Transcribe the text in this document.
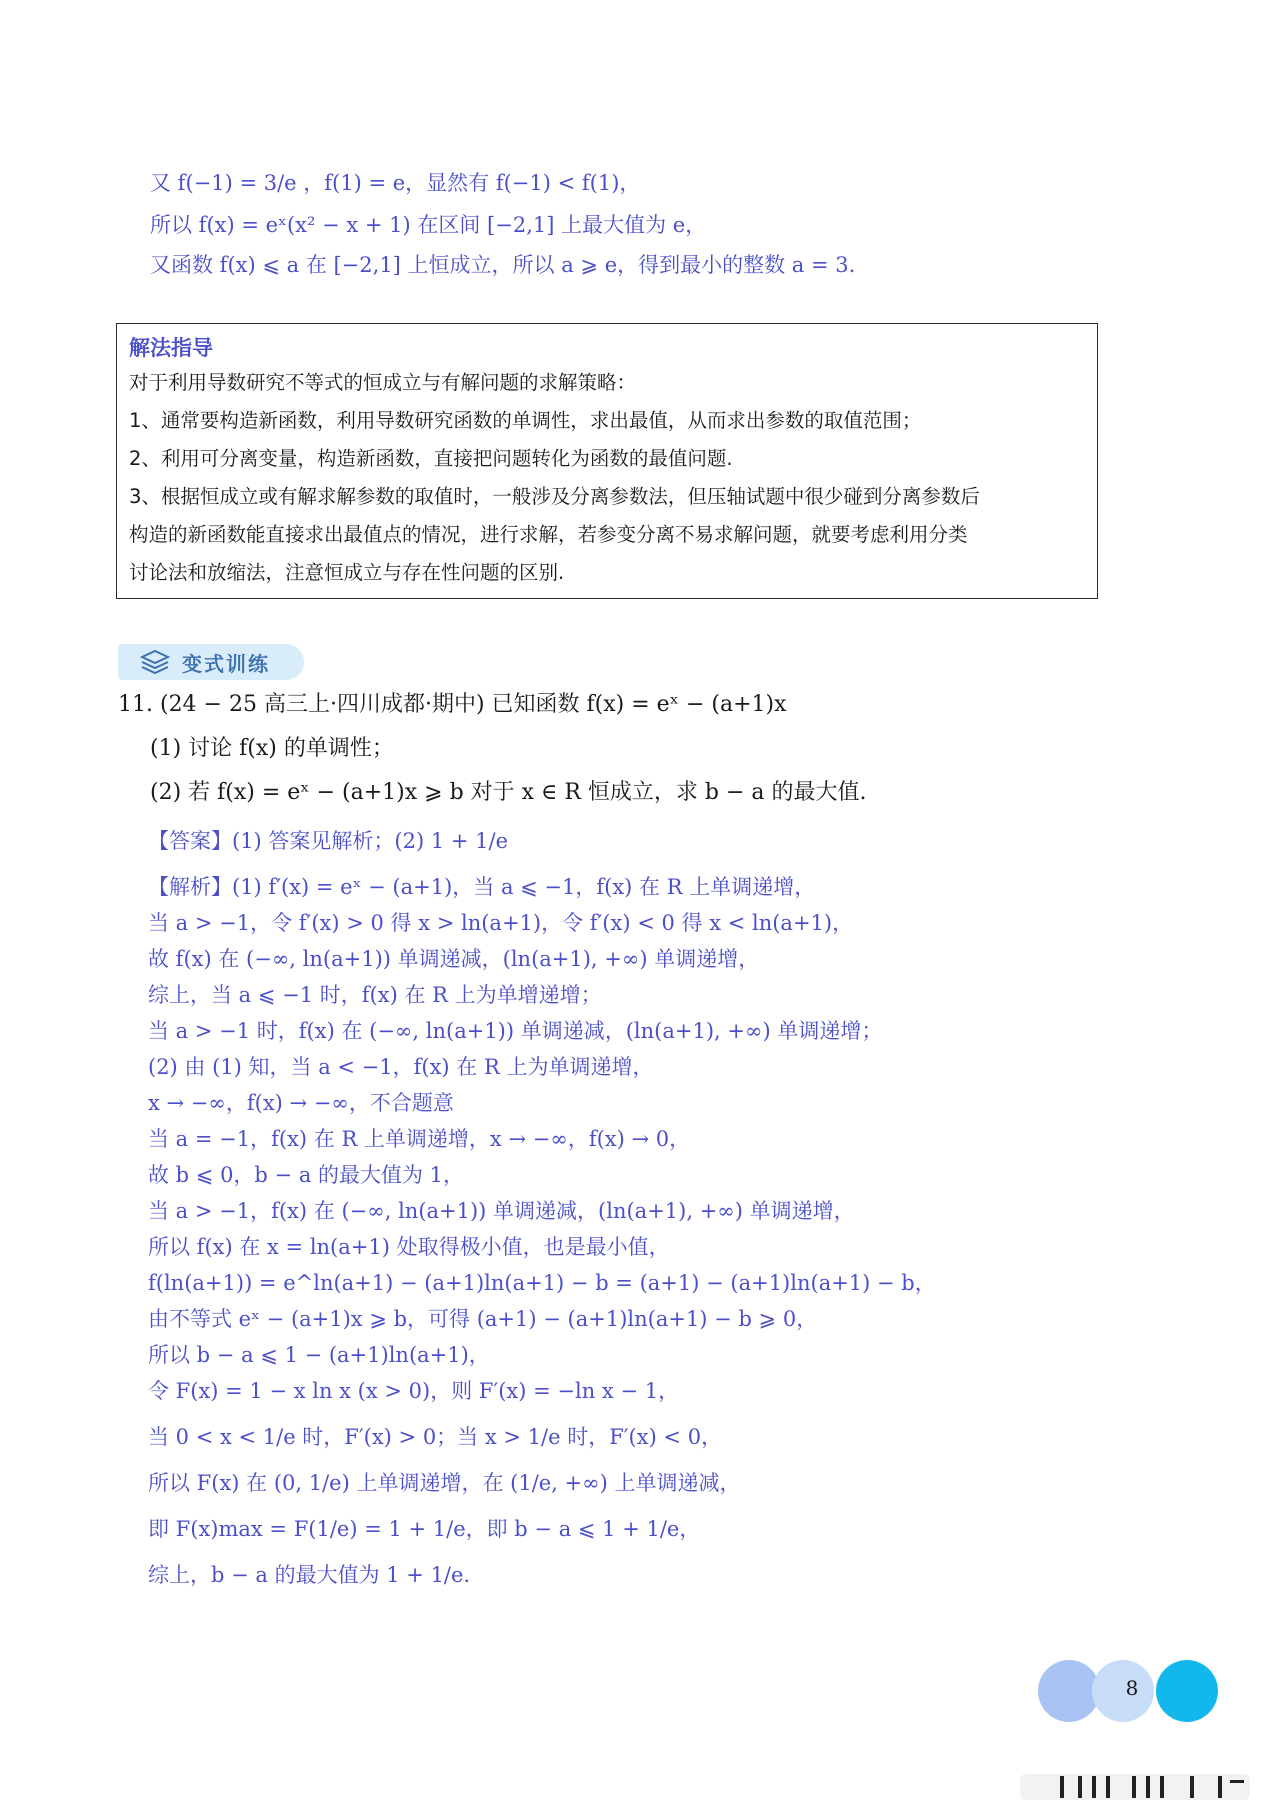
又 f(−1) = 3/e ，f(1) = e，显然有 f(−1) < f(1)，
所以 f(x) = eˣ(x² − x + 1) 在区间 [−2,1] 上最大值为 e，
又函数 f(x) ⩽ a 在 [−2,1] 上恒成立，所以 a ⩾ e，得到最小的整数 a = 3.
解法指导
对于利用导数研究不等式的恒成立与有解问题的求解策略：
1、通常要构造新函数，利用导数研究函数的单调性，求出最值，从而求出参数的取值范围；
2、利用可分离变量，构造新函数，直接把问题转化为函数的最值问题.
3、根据恒成立或有解求解参数的取值时，一般涉及分离参数法，但压轴试题中很少碰到分离参数后
构造的新函数能直接求出最值点的情况，进行求解，若参变分离不易求解问题，就要考虑利用分类
讨论法和放缩法，注意恒成立与存在性问题的区别.
变式训练
11. (24 − 25 高三上·四川成都·期中) 已知函数 f(x) = eˣ − (a+1)x
(1) 讨论 f(x) 的单调性；
(2) 若 f(x) = eˣ − (a+1)x ⩾ b 对于 x ∈ R 恒成立，求 b − a 的最大值.
【答案】(1) 答案见解析；(2) 1 + 1/e
【解析】(1) f′(x) = eˣ − (a+1)，当 a ⩽ −1，f(x) 在 R 上单调递增，
当 a > −1，令 f′(x) > 0 得 x > ln(a+1)，令 f′(x) < 0 得 x < ln(a+1)，
故 f(x) 在 (−∞, ln(a+1)) 单调递减，(ln(a+1), +∞) 单调递增，
综上，当 a ⩽ −1 时，f(x) 在 R 上为单增递增；
当 a > −1 时，f(x) 在 (−∞, ln(a+1)) 单调递减，(ln(a+1), +∞) 单调递增；
(2) 由 (1) 知，当 a < −1，f(x) 在 R 上为单调递增，
x → −∞，f(x) → −∞，不合题意
当 a = −1，f(x) 在 R 上单调递增，x → −∞，f(x) → 0，
故 b ⩽ 0，b − a 的最大值为 1，
当 a > −1，f(x) 在 (−∞, ln(a+1)) 单调递减，(ln(a+1), +∞) 单调递增，
所以 f(x) 在 x = ln(a+1) 处取得极小值，也是最小值，
f(ln(a+1)) = e^ln(a+1) − (a+1)ln(a+1) − b = (a+1) − (a+1)ln(a+1) − b，
由不等式 eˣ − (a+1)x ⩾ b，可得 (a+1) − (a+1)ln(a+1) − b ⩾ 0，
所以 b − a ⩽ 1 − (a+1)ln(a+1)，
令 F(x) = 1 − x ln x (x > 0)，则 F′(x) = −ln x − 1，
当 0 < x < 1/e 时，F′(x) > 0；当 x > 1/e 时，F′(x) < 0，
所以 F(x) 在 (0, 1/e) 上单调递增，在 (1/e, +∞) 上单调递减，
即 F(x)max = F(1/e) = 1 + 1/e，即 b − a ⩽ 1 + 1/e，
综上，b − a 的最大值为 1 + 1/e.
8
